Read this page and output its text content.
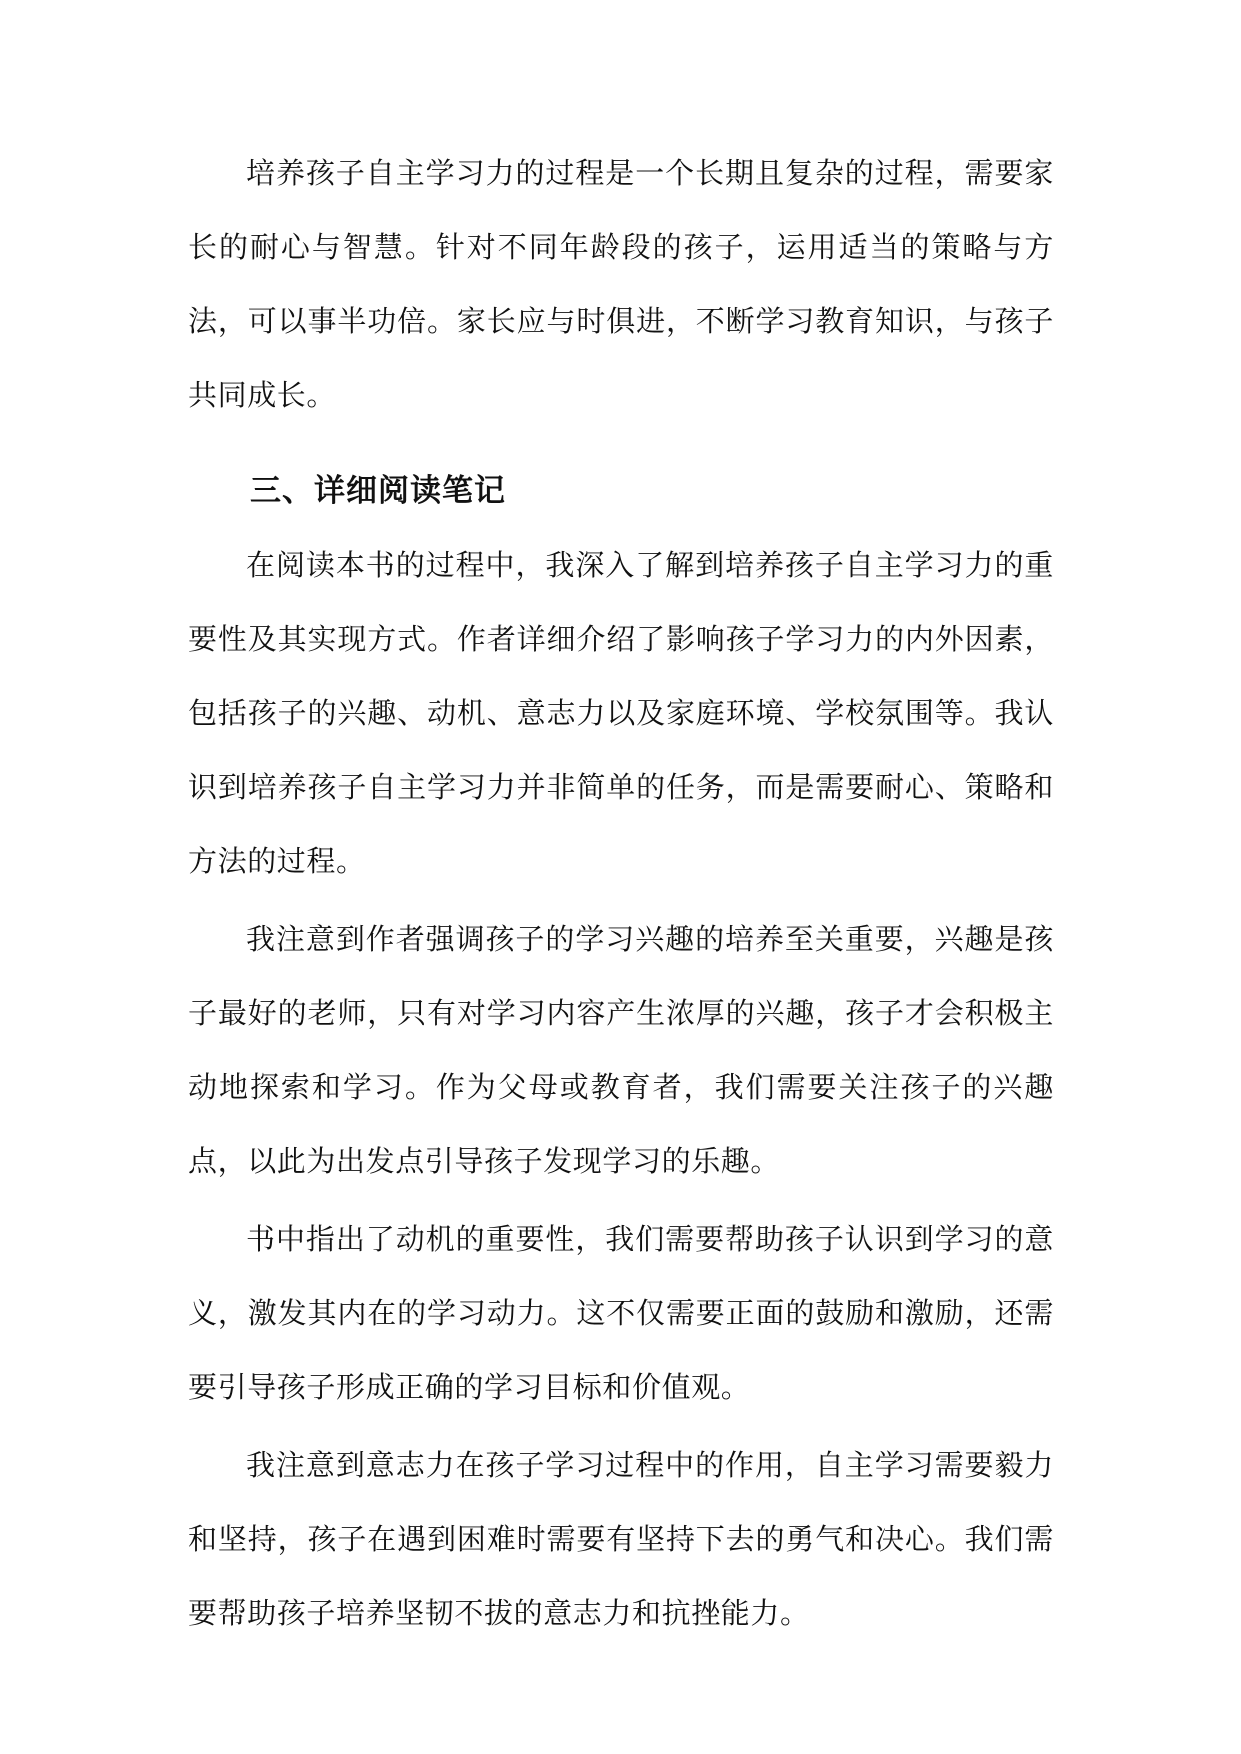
培养孩子自主学习力的过程是一个长期且复杂的过程，需要家长的耐心与智慧。针对不同年龄段的孩子，运用适当的策略与方法，可以事半功倍。家长应与时俱进，不断学习教育知识，与孩子共同成长。

三、详细阅读笔记

在阅读本书的过程中，我深入了解到培养孩子自主学习力的重要性及其实现方式。作者详细介绍了影响孩子学习力的内外因素，包括孩子的兴趣、动机、意志力以及家庭环境、学校氛围等。我认识到培养孩子自主学习力并非简单的任务，而是需要耐心、策略和方法的过程。

我注意到作者强调孩子的学习兴趣的培养至关重要，兴趣是孩子最好的老师，只有对学习内容产生浓厚的兴趣，孩子才会积极主动地探索和学习。作为父母或教育者，我们需要关注孩子的兴趣点，以此为出发点引导孩子发现学习的乐趣。

书中指出了动机的重要性，我们需要帮助孩子认识到学习的意义，激发其内在的学习动力。这不仅需要正面的鼓励和激励，还需要引导孩子形成正确的学习目标和价值观。

我注意到意志力在孩子学习过程中的作用，自主学习需要毅力和坚持，孩子在遇到困难时需要有坚持下去的勇气和决心。我们需要帮助孩子培养坚韧不拔的意志力和抗挫能力。
